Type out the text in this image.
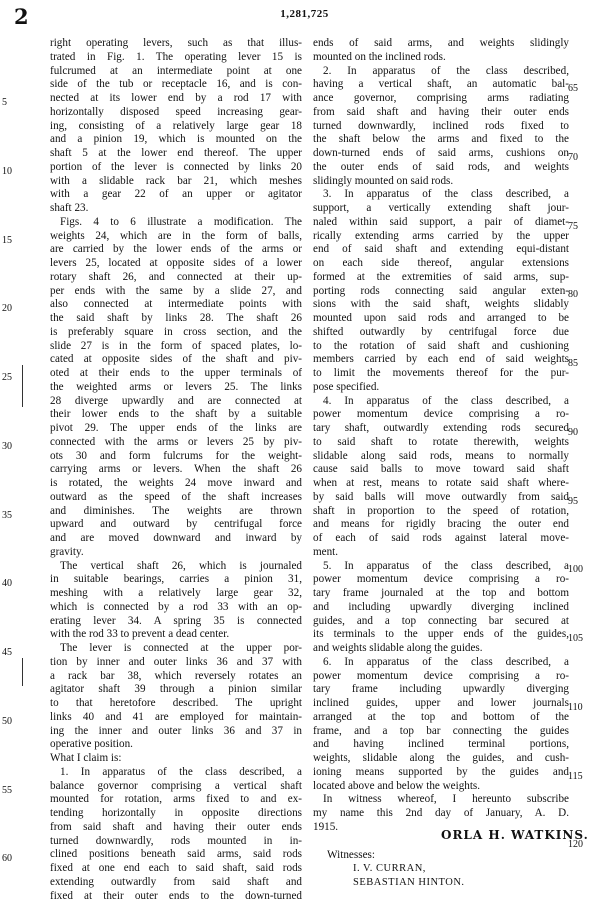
2	1,281,725
right operating levers, such as that illus-
trated in Fig. 1. The operating lever 15 is
fulcrumed at an intermediate point at one
side of the tub or receptacle 16, and is con-
nected at its lower end by a rod 17 with
horizontally disposed speed increasing gear-
ing, consisting of a relatively large gear 18
and a pinion 19, which is mounted on the
shaft 5 at the lower end thereof. The upper
portion of the lever is connected by links 20
with a slidable rack bar 21, which meshes
with a gear 22 of an upper or agitator
shaft 23.
Figs. 4 to 6 illustrate a modification. The
weights 24, which are in the form of balls,
are carried by the lower ends of the arms or
levers 25, located at opposite sides of a lower
rotary shaft 26, and connected at their up-
per ends with the same by a slide 27, and
also connected at intermediate points with
the said shaft by links 28. The shaft 26
is preferably square in cross section, and the
slide 27 is in the form of spaced plates, lo-
cated at opposite sides of the shaft and piv-
oted at their ends to the upper terminals of
the weighted arms or levers 25. The links
28 diverge upwardly and are connected at
their lower ends to the shaft by a suitable
pivot 29. The upper ends of the links are
connected with the arms or levers 25 by piv-
ots 30 and form fulcrums for the weight-
carrying arms or levers. When the shaft 26
is rotated, the weights 24 move inward and
outward as the speed of the shaft increases
and diminishes. The weights are thrown
upward and outward by centrifugal force
and are moved downward and inward by
gravity.
The vertical shaft 26, which is journaled
in suitable bearings, carries a pinion 31,
meshing with a relatively large gear 32,
which is connected by a rod 33 with an op-
erating lever 34. A spring 35 is connected
with the rod 33 to prevent a dead center.
The lever is connected at the upper por-
tion by inner and outer links 36 and 37 with
a rack bar 38, which reversely rotates an
agitator shaft 39 through a pinion similar
to that heretofore described. The upright
links 40 and 41 are employed for maintain-
ing the inner and outer links 36 and 37 in
operative position.
What I claim is:
1. In apparatus of the class described, a
balance governor comprising a vertical shaft
mounted for rotation, arms fixed to and ex-
tending horizontally in opposite directions
from said shaft and having their outer ends
turned downwardly, rods mounted in in-
clined positions beneath said arms, said rods
fixed at one end each to said shaft, said rods
extending outwardly from said shaft and
fixed at their outer ends to the down-turned
ends of said arms, and weights slidingly
mounted on the inclined rods.
2. In apparatus of the class described,
having a vertical shaft, an automatic bal-
ance governor, comprising arms radiating
from said shaft and having their outer ends
turned downwardly, inclined rods fixed to
the shaft below the arms and fixed to the
down-turned ends of said arms, cushions on
the outer ends of said rods, and weights
slidingly mounted on said rods.
3. In apparatus of the class described, a
support, a vertically extending shaft jour-
naled within said support, a pair of diamet-
rically extending arms carried by the upper
end of said shaft and extending equi-distant
on each side thereof, angular extensions
formed at the extremities of said arms, sup-
porting rods connecting said angular exten-
sions with the said shaft, weights slidably
mounted upon said rods and arranged to be
shifted outwardly by centrifugal force due
to the rotation of said shaft and cushioning
members carried by each end of said weights
to limit the movements thereof for the pur-
pose specified.
4. In apparatus of the class described, a
power momentum device comprising a ro-
tary shaft, outwardly extending rods secured
to said shaft to rotate therewith, weights
slidable along said rods, means to normally
cause said balls to move toward said shaft
when at rest, means to rotate said shaft where-
by said balls will move outwardly from said
shaft in proportion to the speed of rotation,
and means for rigidly bracing the outer end
of each of said rods against lateral move-
ment.
5. In apparatus of the class described, a
power momentum device comprising a ro-
tary frame journaled at the top and bottom
and including upwardly diverging inclined
guides, and a top connecting bar secured at
its terminals to the upper ends of the guides,
and weights slidable along the guides.
6. In apparatus of the class described, a
power momentum device comprising a ro-
tary frame including upwardly diverging
inclined guides, upper and lower journals
arranged at the top and bottom of the
frame, and a top bar connecting the guides
and having inclined terminal portions,
weights, slidable along the guides, and cush-
ioning means supported by the guides and
located above and below the weights.
In witness whereof, I hereunto subscribe
my name this 2nd day of January, A. D.
1915.
5
10
15
20
25
30
35
40
45
50
55
60
65
70
75
80
85
90
95
100
105
110
115
120
ORLA H. WATKINS.
Witnesses:
I. V. CURRAN,
SEBASTIAN HINTON.
